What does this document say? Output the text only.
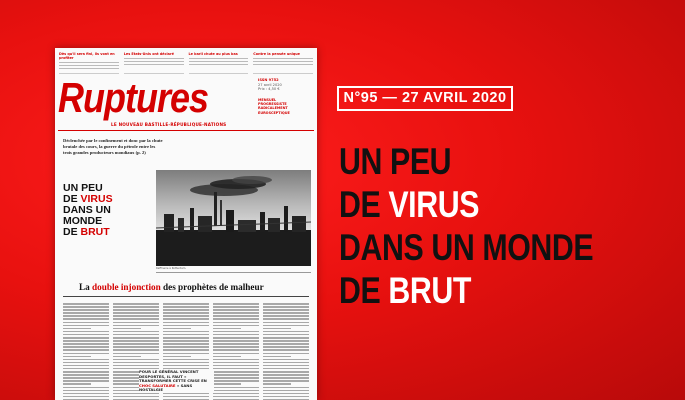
Dès qu'il sera fini, ils vont en profiter
Les Etats-Unis ont déclaré	Le baril chute au plus bas	Contre la pensée unique
Ruptures
LE NOUVEAU BASTILLE-RÉPUBLIQUE-NATIONS
ISSN 9752
27 avril 2020
Prix : 4,50 €
MENSUEL
PROGRESSISTE
RADICALEMENT
EUROSCEPTIQUE
Déclenchée par le confinement et donc par la chute brutale des cours, la guerre du pétrole entre les trois grandes producteurs mondiaux (p. 2)
UN PEU
DE VIRUS
DANS UN MONDE
DE BRUT
Raffinerie à Rotterdam.
La double injonction des prophètes de malheur
POUR LE GÉNÉRAL VINCENT DESPORTES, IL FAUT « TRANSFORMER CETTE CRISE EN CHOC SALUTAIRE » SANS NOSTALGIE
N°95 — 27 AVRIL 2020
UN PEU
DE VIRUS
DANS UN MONDE
DE BRUT
